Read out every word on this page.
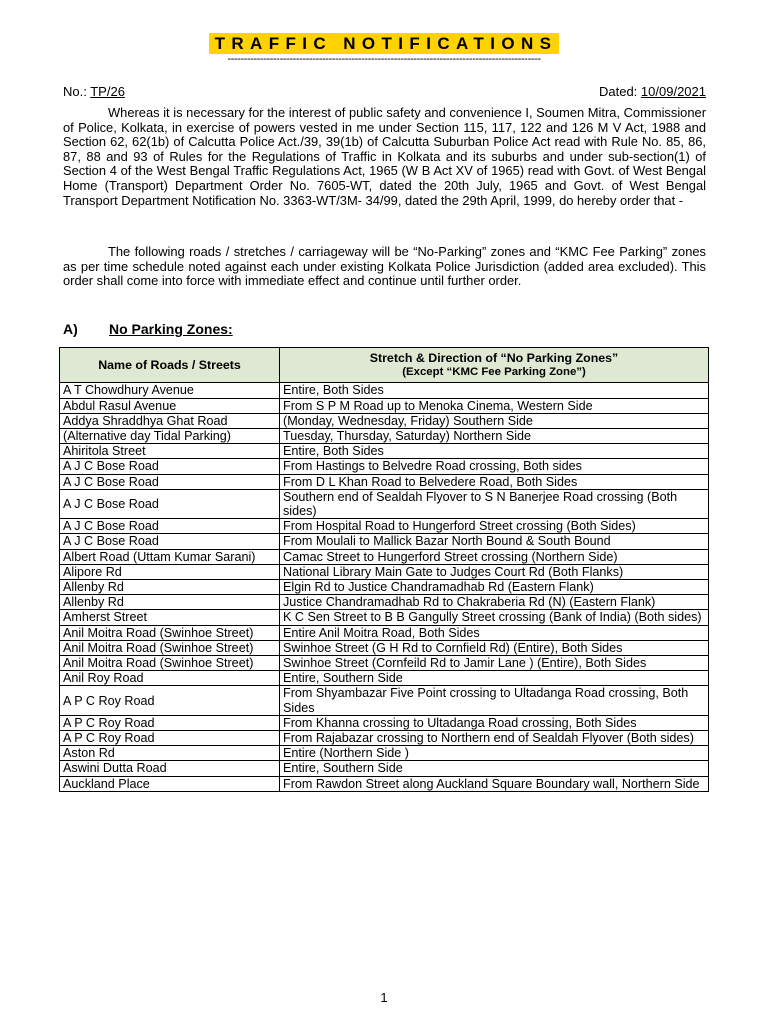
TRAFFIC NOTIFICATIONS
------------------------------------------------------------------------------------------------
No.: TP/26	Dated: 10/09/2021
Whereas it is necessary for the interest of public safety and convenience I, Soumen Mitra, Commissioner of Police, Kolkata, in exercise of powers vested in me under Section 115, 117, 122 and 126 M V Act, 1988 and Section 62, 62(1b) of Calcutta Police Act./39, 39(1b) of Calcutta Suburban Police Act read with Rule No. 85, 86, 87, 88 and 93 of Rules for the Regulations of Traffic in Kolkata and its suburbs and under sub-section(1) of Section 4 of the West Bengal Traffic Regulations Act, 1965 (W B Act XV of 1965) read with Govt. of West Bengal Home (Transport) Department Order No. 7605-WT, dated the 20th July, 1965 and Govt. of West Bengal Transport Department Notification No. 3363-WT/3M- 34/99, dated the 29th April, 1999, do hereby order that -
The following roads / stretches / carriageway will be “No-Parking” zones and “KMC Fee Parking” zones as per time schedule noted against each under existing Kolkata Police Jurisdiction (added area excluded). This order shall come into force with immediate effect and continue until further order.
A) No Parking Zones:
Name of Roads / Streets	Stretch & Direction of “No Parking Zones”
(Except “KMC Fee Parking Zone”)

A T Chowdhury Avenue	Entire, Both Sides
Abdul Rasul Avenue	From S P M Road up to Menoka Cinema, Western Side
Addya Shraddhya Ghat Road	(Monday, Wednesday, Friday) Southern Side
(Alternative day Tidal Parking)	Tuesday, Thursday, Saturday) Northern Side
Ahiritola Street	Entire, Both Sides
A J C Bose Road	From Hastings to Belvedre Road crossing, Both sides
A J C Bose Road	From D L Khan Road to Belvedere Road, Both Sides
A J C Bose Road	Southern end of Sealdah Flyover to S N Banerjee Road crossing (Both sides)
A J C Bose Road	From Hospital Road to Hungerford Street crossing (Both Sides)
A J C Bose Road	From Moulali to Mallick Bazar North Bound & South Bound
Albert Road (Uttam Kumar Sarani)	Camac Street to Hungerford Street crossing (Northern Side)
Alipore Rd	National Library Main Gate to Judges Court Rd (Both Flanks)
Allenby Rd	Elgin Rd to Justice Chandramadhab Rd (Eastern Flank)
Allenby Rd	Justice Chandramadhab Rd to Chakraberia Rd (N) (Eastern Flank)
Amherst Street	K C Sen Street to B B Gangully Street crossing (Bank of India) (Both sides)
Anil Moitra Road (Swinhoe Street)	Entire Anil Moitra Road, Both Sides
Anil Moitra Road (Swinhoe Street)	Swinhoe Street (G H Rd to Cornfield Rd) (Entire), Both Sides
Anil Moitra Road (Swinhoe Street)	Swinhoe Street (Cornfeild Rd to Jamir Lane ) (Entire), Both Sides
Anil Roy Road	Entire, Southern Side
A P C Roy Road	From Shyambazar Five Point crossing to Ultadanga Road crossing, Both Sides
A P C Roy Road	From Khanna crossing to Ultadanga Road crossing, Both Sides
A P C Roy Road	From Rajabazar crossing to Northern end of Sealdah Flyover (Both sides)
Aston Rd	Entire (Northern Side )
Aswini Dutta Road	Entire, Southern Side
Auckland Place	From Rawdon Street along Auckland Square Boundary wall, Northern Side
1
